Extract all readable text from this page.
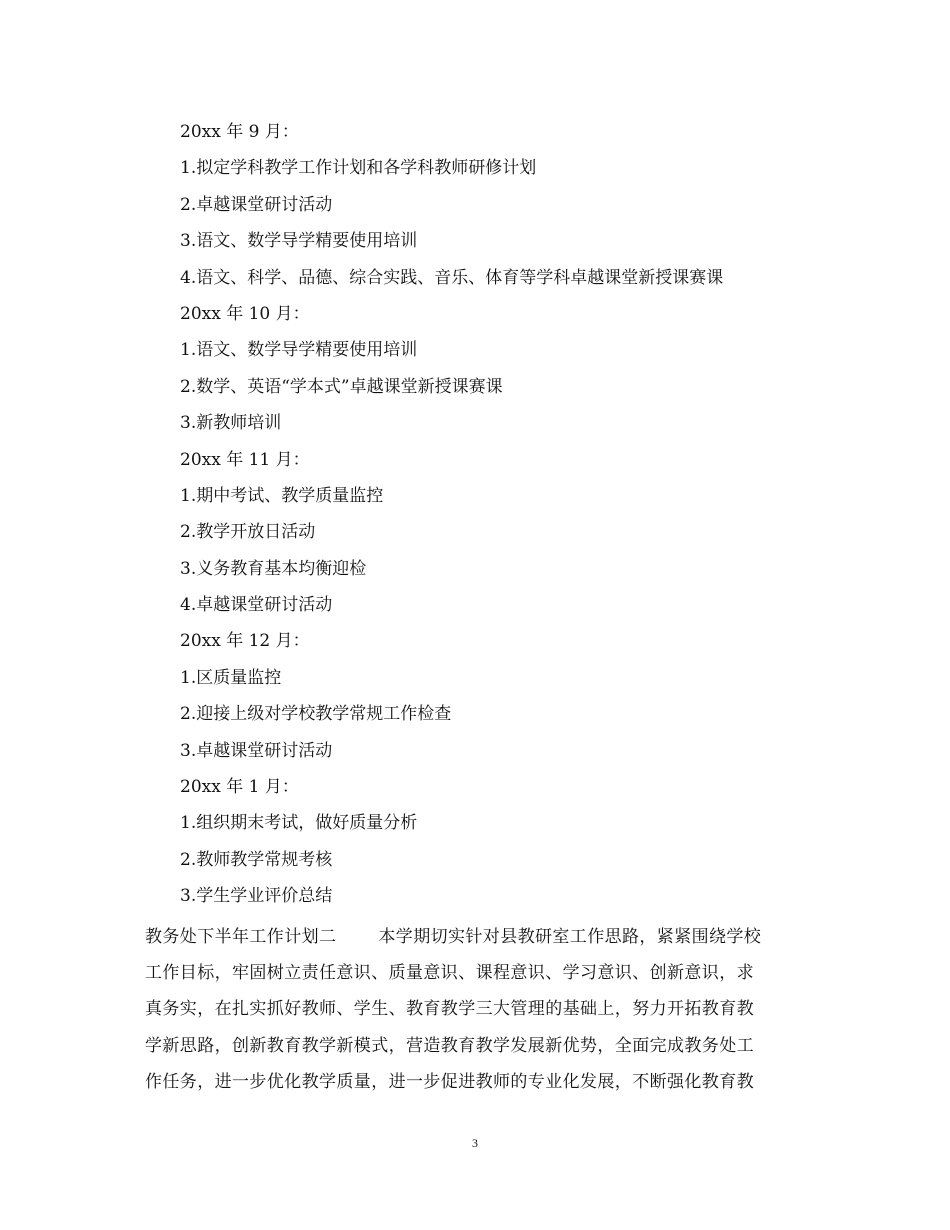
20xx 年 9 月：
1.拟定学科教学工作计划和各学科教师研修计划
2.卓越课堂研讨活动
3.语文、数学导学精要使用培训
4.语文、科学、品德、综合实践、音乐、体育等学科卓越课堂新授课赛课
20xx 年 10 月：
1.语文、数学导学精要使用培训
2.数学、英语“学本式”卓越课堂新授课赛课
3.新教师培训
20xx 年 11 月：
1.期中考试、教学质量监控
2.教学开放日活动
3.义务教育基本均衡迎检
4.卓越课堂研讨活动
20xx 年 12 月：
1.区质量监控
2.迎接上级对学校教学常规工作检查
3.卓越课堂研讨活动
20xx 年 1 月：
1.组织期末考试，做好质量分析
2.教师教学常规考核
3.学生学业评价总结
教务处下半年工作计划二 本学期切实针对县教研室工作思路，紧紧围绕学校
工作目标，牢固树立责任意识、质量意识、课程意识、学习意识、创新意识，求
真务实，在扎实抓好教师、学生、教育教学三大管理的基础上，努力开拓教育教
学新思路，创新教育教学新模式，营造教育教学发展新优势，全面完成教务处工
作任务，进一步优化教学质量，进一步促进教师的专业化发展，不断强化教育教
3
